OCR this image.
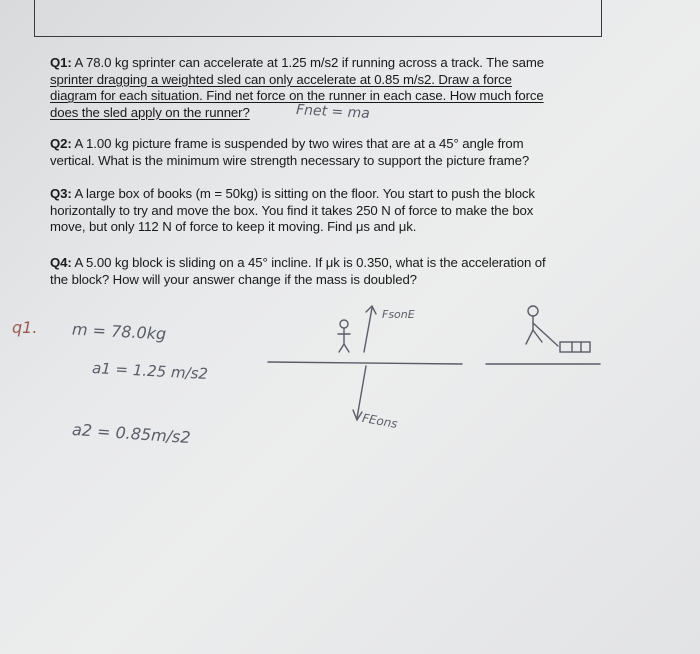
Q1: A 78.0 kg sprinter can accelerate at 1.25 m/s2 if running across a track. The same
sprinter dragging a weighted sled can only accelerate at 0.85 m/s2. Draw a force
diagram for each situation. Find net force on the runner in each case. How much force
does the sled apply on the runner?
Q2: A 1.00 kg picture frame is suspended by two wires that are at a 45° angle from
vertical. What is the minimum wire strength necessary to support the picture frame?
Q3: A large box of books (m = 50kg) is sitting on the floor. You start to push the block
horizontally to try and move the box. You find it takes 250 N of force to make the box
move, but only 112 N of force to keep it moving. Find μs and μk.
Q4: A 5.00 kg block is sliding on a 45° incline. If μk is 0.350, what is the acceleration of
the block? How will your answer change if the mass is doubled?
Fnet = ma
q1. m = 78.0kg
a1 = 1.25 m/s2
a2 = 0.85m/s2
FsonE
FEons
